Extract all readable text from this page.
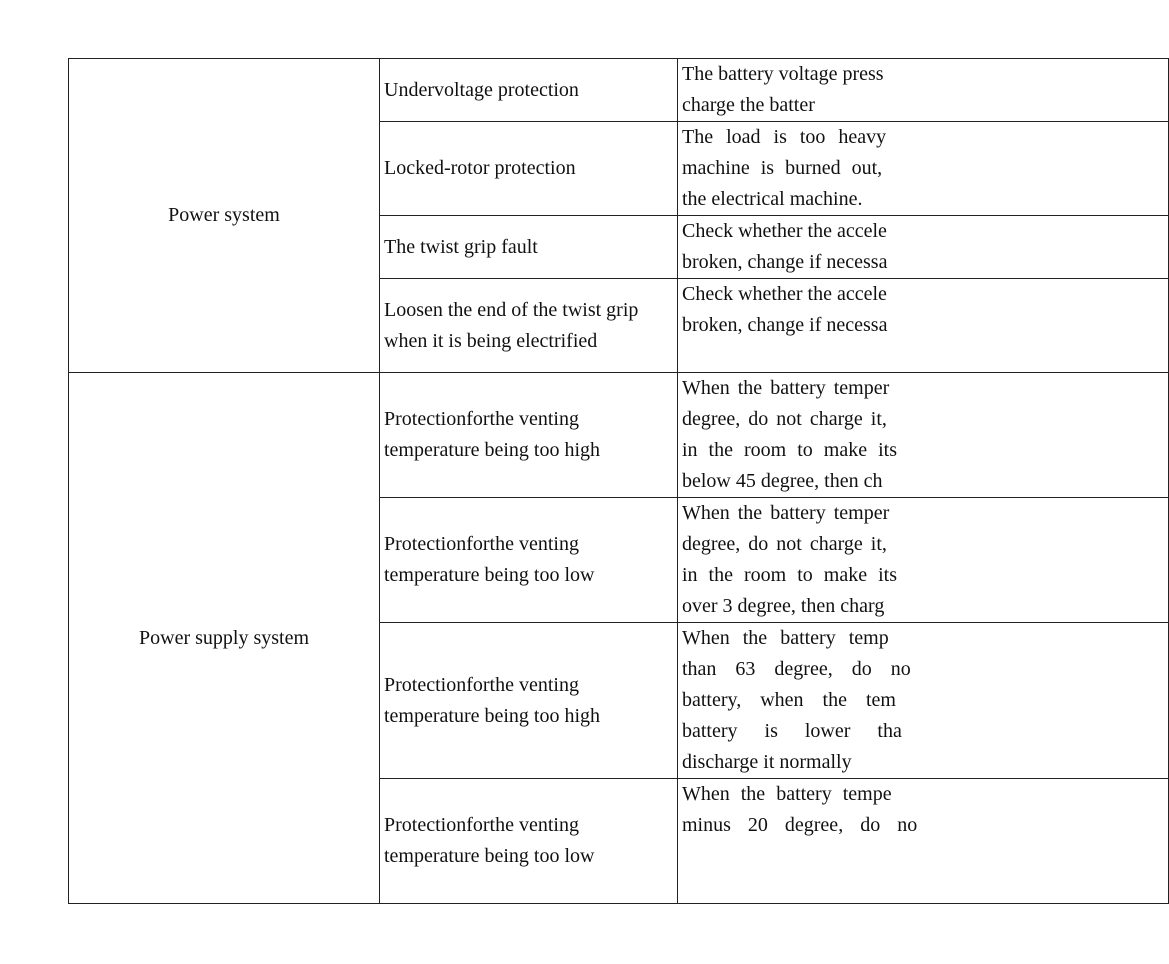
Power system	Undervoltage protection	The battery voltage press
charge the batter

	Locked-rotor protection	The load is too heavy
machine is burned out,
the electrical machine.

	The twist grip fault	Check whether the accele
broken, change if necessa

	Loosen the end of the twist grip when it is being electrified	Check whether the accele
broken, change if necessa

Power supply system	Protectionforthe venting temperature being too high	When the battery temper
degree, do not charge it,
in the room to make its
below 45 degree, then ch

	Protectionforthe venting temperature being too low	When the battery temper
degree, do not charge it,
in the room to make its
over 3 degree, then charg

	Protectionforthe venting temperature being too high	When the battery temp
than 63 degree, do no
battery, when the tem
battery is lower tha
discharge it normally

	Protectionforthe venting temperature being too low	When the battery tempe
minus 20 degree, do no
